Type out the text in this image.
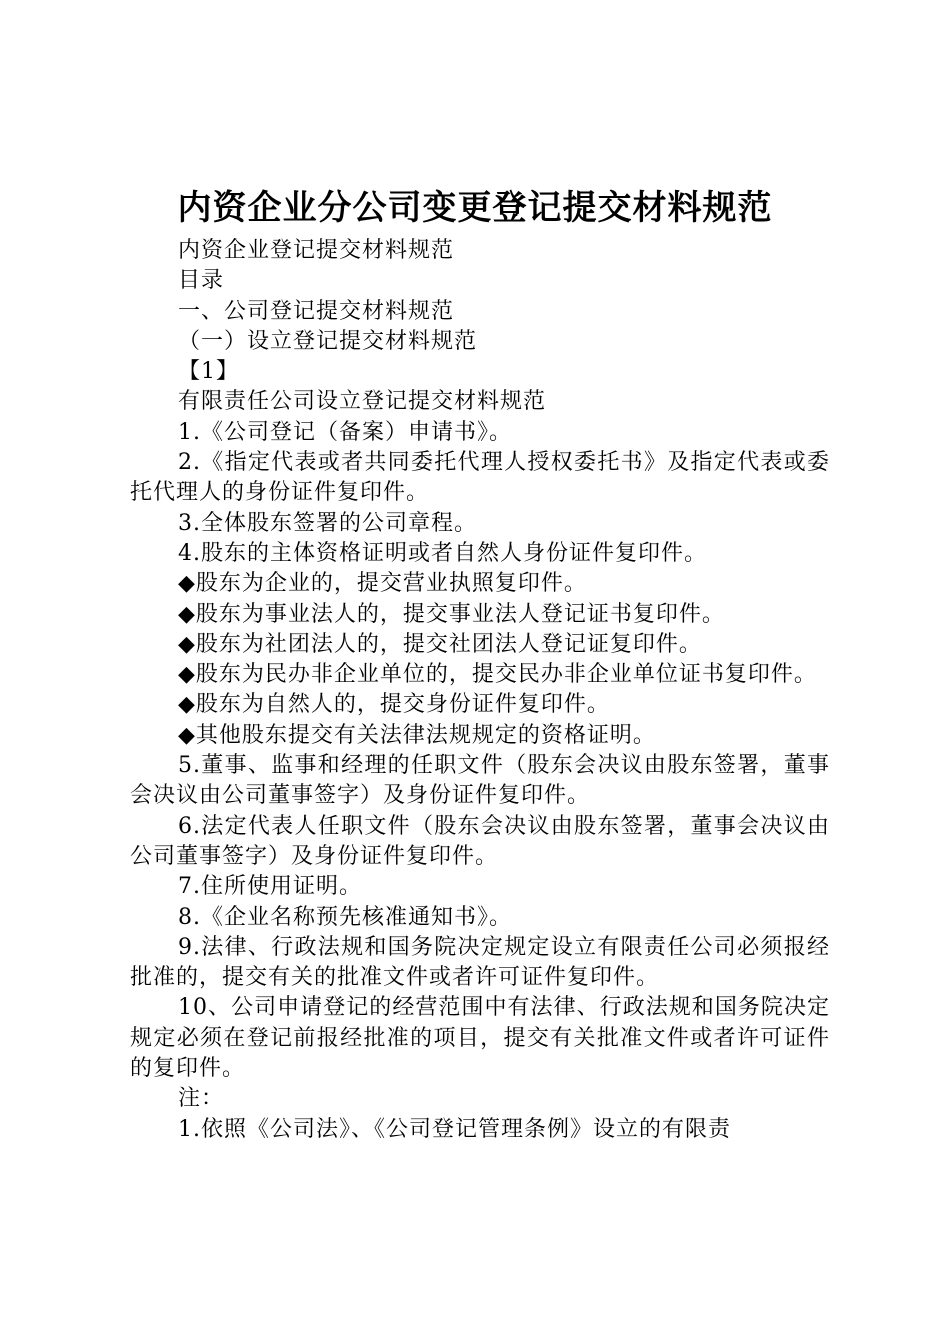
内资企业分公司变更登记提交材料规范

内资企业登记提交材料规范

目录

一、公司登记提交材料规范

（一）设立登记提交材料规范

【1】

有限责任公司设立登记提交材料规范

1.《公司登记（备案）申请书》。

2.《指定代表或者共同委托代理人授权委托书》及指定代表或委托代理人的身份证件复印件。

3.全体股东签署的公司章程。

4.股东的主体资格证明或者自然人身份证件复印件。

◆股东为企业的，提交营业执照复印件。

◆股东为事业法人的，提交事业法人登记证书复印件。

◆股东为社团法人的，提交社团法人登记证复印件。

◆股东为民办非企业单位的，提交民办非企业单位证书复印件。

◆股东为自然人的，提交身份证件复印件。

◆其他股东提交有关法律法规规定的资格证明。

5.董事、监事和经理的任职文件（股东会决议由股东签署，董事会决议由公司董事签字）及身份证件复印件。

6.法定代表人任职文件（股东会决议由股东签署，董事会决议由公司董事签字）及身份证件复印件。

7.住所使用证明。

8.《企业名称预先核准通知书》。

9.法律、行政法规和国务院决定规定设立有限责任公司必须报经批准的，提交有关的批准文件或者许可证件复印件。

10、公司申请登记的经营范围中有法律、行政法规和国务院决定规定必须在登记前报经批准的项目，提交有关批准文件或者许可证件的复印件。

注：

1.依照《公司法》、《公司登记管理条例》设立的有限责
